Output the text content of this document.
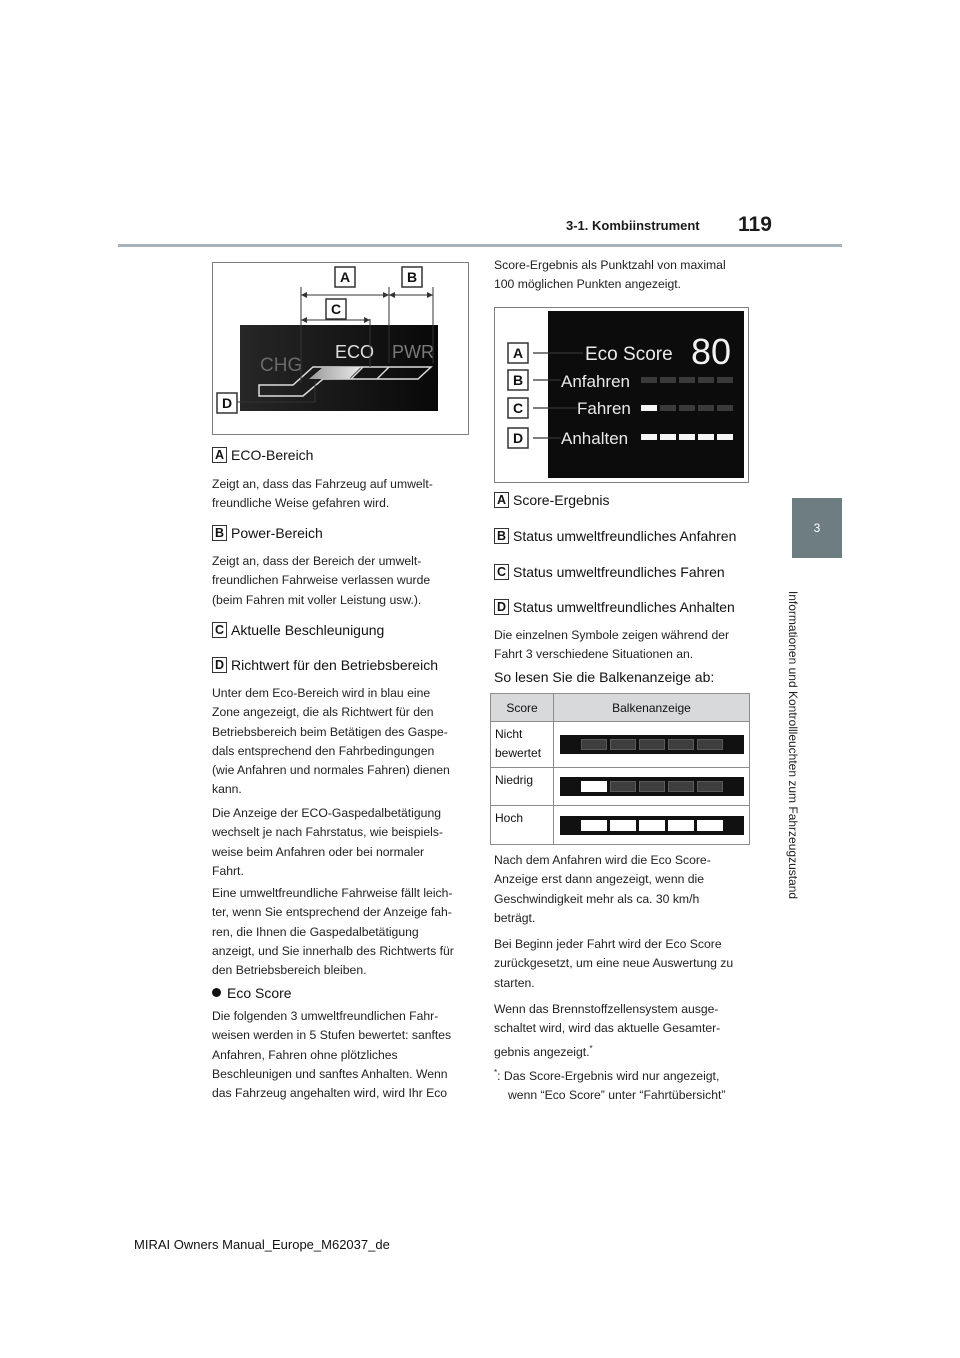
3-1. Kombiinstrument 119
3
Informationen und Kontrollleuchten zum Fahrzeugzustand
CHG
ECO PWR
A	B
C
D
Eco Score 80
Anfahren
Fahren
Anhalten
A
B
C
D
A ECO-Bereich
Zeigt an, dass das Fahrzeug auf umwelt-
freundliche Weise gefahren wird.
B Power-Bereich
Zeigt an, dass der Bereich der umwelt-
freundlichen Fahrweise verlassen wurde
(beim Fahren mit voller Leistung usw.).
C Aktuelle Beschleunigung
D Richtwert für den Betriebsbereich
Unter dem Eco-Bereich wird in blau eine
Zone angezeigt, die als Richtwert für den
Betriebsbereich beim Betätigen des Gaspe-
dals entsprechend den Fahrbedingungen
(wie Anfahren und normales Fahren) dienen
kann.
Die Anzeige der ECO-Gaspedalbetätigung
wechselt je nach Fahrstatus, wie beispiels-
weise beim Anfahren oder bei normaler
Fahrt.
Eine umweltfreundliche Fahrweise fällt leich-
ter, wenn Sie entsprechend der Anzeige fah-
ren, die Ihnen die Gaspedalbetätigung
anzeigt, und Sie innerhalb des Richtwerts für
den Betriebsbereich bleiben.
Eco Score
Die folgenden 3 umweltfreundlichen Fahr-
weisen werden in 5 Stufen bewertet: sanftes
Anfahren, Fahren ohne plötzliches
Beschleunigen und sanftes Anhalten. Wenn
das Fahrzeug angehalten wird, wird Ihr Eco
Score-Ergebnis als Punktzahl von maximal
100 möglichen Punkten angezeigt.
A Score-Ergebnis
B Status umweltfreundliches Anfahren
C Status umweltfreundliches Fahren
D Status umweltfreundliches Anhalten
Die einzelnen Symbole zeigen während der
Fahrt 3 verschiedene Situationen an.
So lesen Sie die Balkenanzeige ab:
Score	Balkenanzeige

Nicht
bewertet	

Niedrig	

Hoch	

Nach dem Anfahren wird die Eco Score-
Anzeige erst dann angezeigt, wenn die
Geschwindigkeit mehr als ca. 30 km/h
beträgt.
Bei Beginn jeder Fahrt wird der Eco Score
zurückgesetzt, um eine neue Auswertung zu
starten.
Wenn das Brennstoffzellensystem ausge-
schaltet wird, wird das aktuelle Gesamter-
gebnis angezeigt.*
*: Das Score-Ergebnis wird nur angezeigt,
wenn “Eco Score” unter “Fahrtübersicht”
MIRAI Owners Manual_Europe_M62037_de
